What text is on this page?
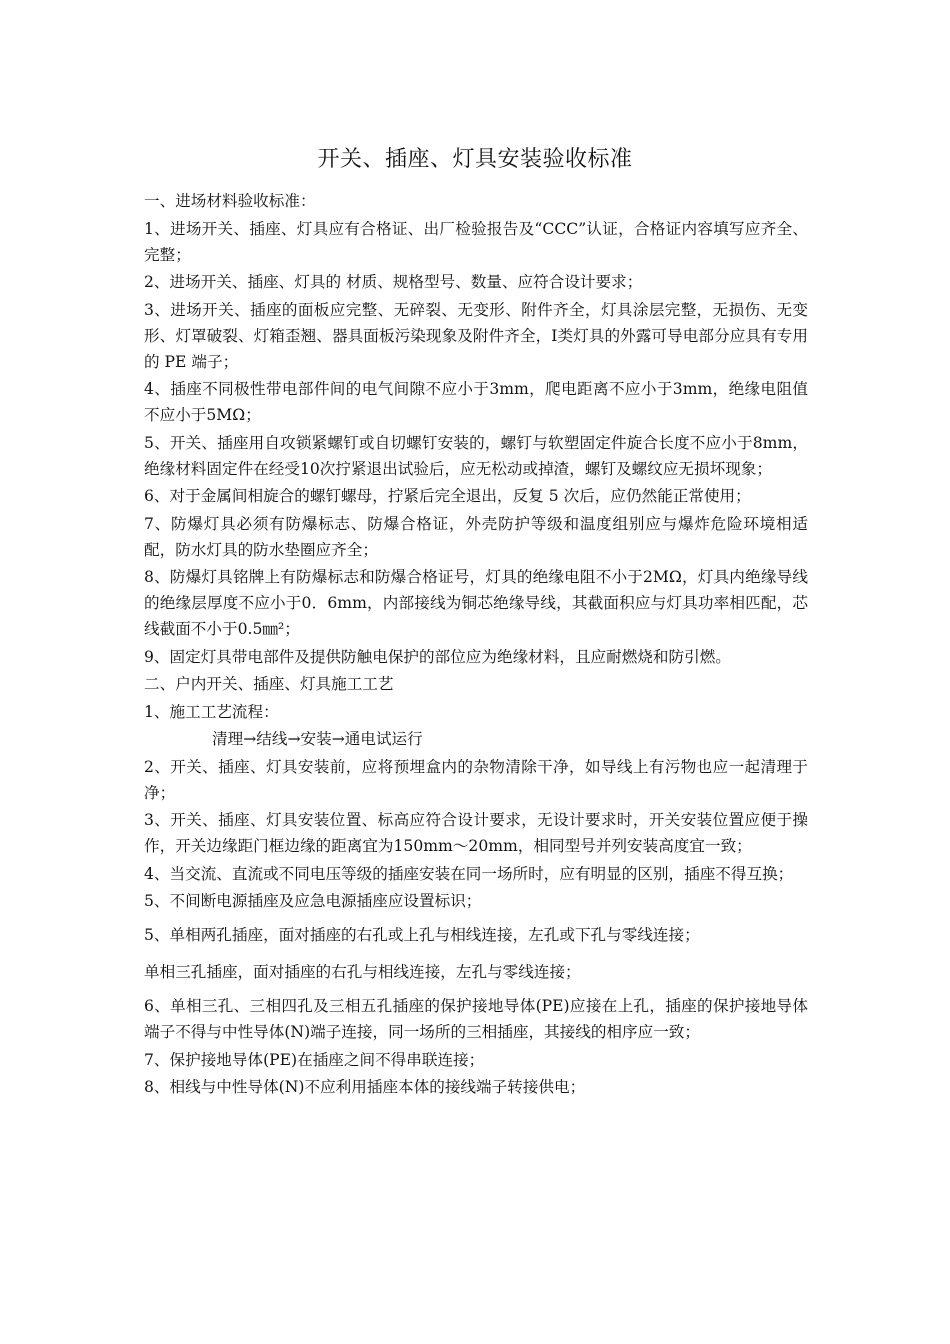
开关、插座、灯具安装验收标准

一、进场材料验收标准：

1、进场开关、插座、灯具应有合格证、出厂检验报告及“CCC”认证，合格证内容填写应齐全、完整；

2、进场开关、插座、灯具的 材质、规格型号、数量、应符合设计要求；

3、进场开关、插座的面板应完整、无碎裂、无变形、附件齐全，灯具涂层完整，无损伤、无变形、灯罩破裂、灯箱歪翘、器具面板污染现象及附件齐全，Ⅰ类灯具的外露可导电部分应具有专用的 PE 端子；

4、插座不同极性带电部件间的电气间隙不应小于3mm，爬电距离不应小于3mm，绝缘电阻值不应小于5MΩ；

5、开关、插座用自攻锁紧螺钉或自切螺钉安装的，螺钉与软塑固定件旋合长度不应小于8mm，绝缘材料固定件在经受10次拧紧退出试验后，应无松动或掉渣，螺钉及螺纹应无损坏现象；

6、对于金属间相旋合的螺钉螺母，拧紧后完全退出，反复 5 次后，应仍然能正常使用；

7、防爆灯具必须有防爆标志、防爆合格证，外壳防护等级和温度组别应与爆炸危险环境相适配，防水灯具的防水垫圈应齐全；

8、防爆灯具铭牌上有防爆标志和防爆合格证号，灯具的绝缘电阻不小于2MΩ，灯具内绝缘导线的绝缘层厚度不应小于0．6mm，内部接线为铜芯绝缘导线，其截面积应与灯具功率相匹配，芯线截面不小于0.5㎜²；

9、固定灯具带电部件及提供防触电保护的部位应为绝缘材料，且应耐燃烧和防引燃。

二、户内开关、插座、灯具施工工艺

1、施工工艺流程：

清理→结线→安装→通电试运行

2、开关、插座、灯具安装前，应将预埋盒内的杂物清除干净，如导线上有污物也应一起清理于净；

3、开关、插座、灯具安装位置、标高应符合设计要求，无设计要求时，开关安装位置应便于操作，开关边缘距门框边缘的距离宜为150mm～20mm，相同型号并列安装高度宜一致；

4、当交流、直流或不同电压等级的插座安装在同一场所时，应有明显的区别，插座不得互换；

5、不间断电源插座及应急电源插座应设置标识；

5、单相两孔插座，面对插座的右孔或上孔与相线连接，左孔或下孔与零线连接；

单相三孔插座，面对插座的右孔与相线连接，左孔与零线连接；

6、单相三孔、三相四孔及三相五孔插座的保护接地导体(PE)应接在上孔，插座的保护接地导体端子不得与中性导体(N)端子连接，同一场所的三相插座，其接线的相序应一致；

7、保护接地导体(PE)在插座之间不得串联连接；

8、相线与中性导体(N)不应利用插座本体的接线端子转接供电；
